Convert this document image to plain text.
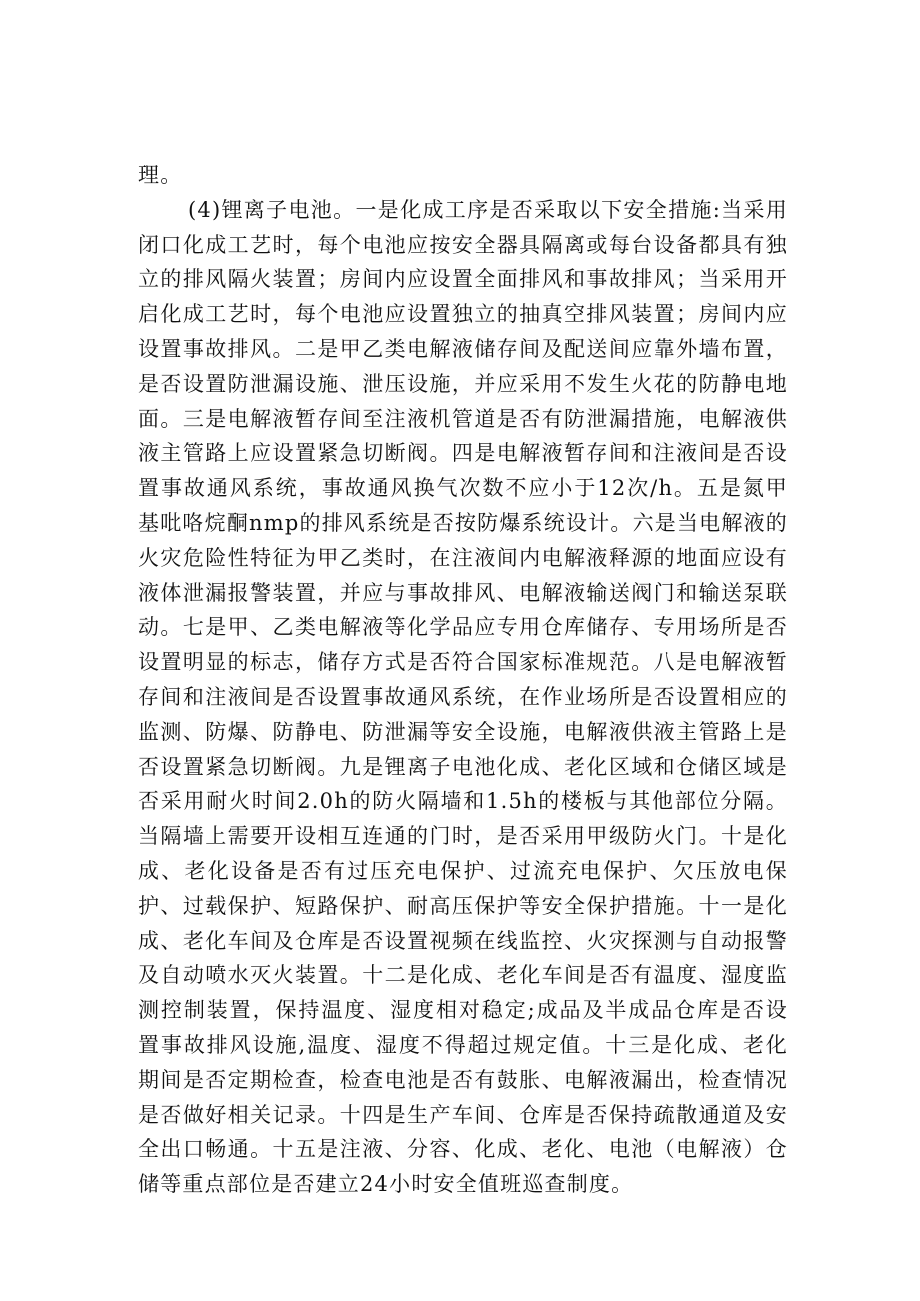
理。

(4)锂离子电池。一是化成工序是否采取以下安全措施:当采用闭口化成工艺时，每个电池应按安全器具隔离或每台设备都具有独立的排风隔火装置；房间内应设置全面排风和事故排风；当采用开启化成工艺时，每个电池应设置独立的抽真空排风装置；房间内应设置事故排风。二是甲乙类电解液储存间及配送间应靠外墙布置，是否设置防泄漏设施、泄压设施，并应采用不发生火花的防静电地面。三是电解液暂存间至注液机管道是否有防泄漏措施，电解液供液主管路上应设置紧急切断阀。四是电解液暂存间和注液间是否设置事故通风系统，事故通风换气次数不应小于12次/h。五是氮甲基吡咯烷酮nmp的排风系统是否按防爆系统设计。六是当电解液的火灾危险性特征为甲乙类时，在注液间内电解液释源的地面应设有液体泄漏报警装置，并应与事故排风、电解液输送阀门和输送泵联动。七是甲、乙类电解液等化学品应专用仓库储存、专用场所是否设置明显的标志，储存方式是否符合国家标准规范。八是电解液暂存间和注液间是否设置事故通风系统，在作业场所是否设置相应的监测、防爆、防静电、防泄漏等安全设施，电解液供液主管路上是否设置紧急切断阀。九是锂离子电池化成、老化区域和仓储区域是否采用耐火时间2.0h的防火隔墙和1.5h的楼板与其他部位分隔。当隔墙上需要开设相互连通的门时，是否采用甲级防火门。十是化成、老化设备是否有过压充电保护、过流充电保护、欠压放电保护、过载保护、短路保护、耐高压保护等安全保护措施。十一是化成、老化车间及仓库是否设置视频在线监控、火灾探测与自动报警及自动喷水灭火装置。十二是化成、老化车间是否有温度、湿度监测控制装置，保持温度、湿度相对稳定;成品及半成品仓库是否设置事故排风设施,温度、湿度不得超过规定值。十三是化成、老化期间是否定期检查，检查电池是否有鼓胀、电解液漏出，检查情况是否做好相关记录。十四是生产车间、仓库是否保持疏散通道及安全出口畅通。十五是注液、分容、化成、老化、电池（电解液）仓储等重点部位是否建立24小时安全值班巡查制度。
